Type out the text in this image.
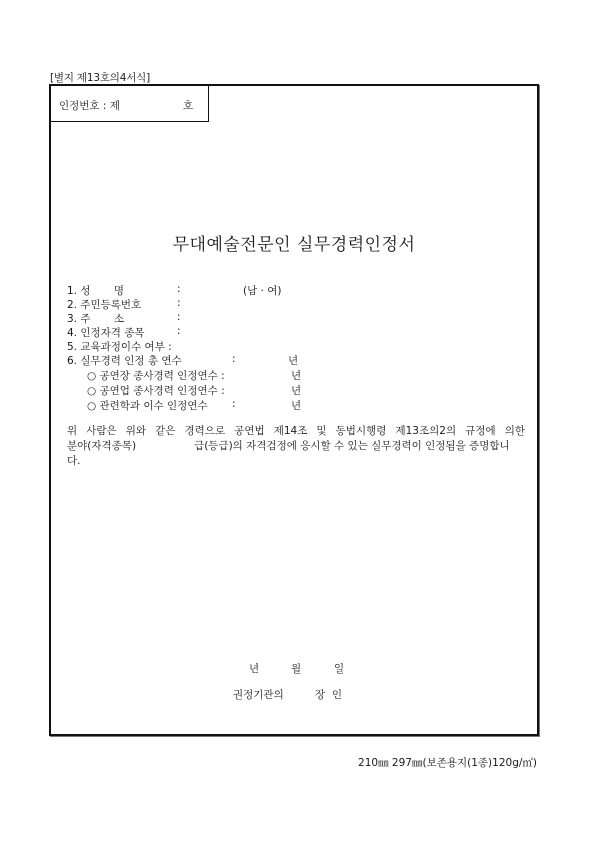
[별지 제13호의4서식]
인정번호 : 제	호
무대예술전문인 실무경력인정서
1. 성       명	:	(남 · 여)
2. 주민등록번호	:
3. 주       소	:
4. 인정자격 종목	:
5. 교육과정이수 여부 :
6. 실무경력 인정 총 연수	:	년
○ 공연장 종사경력 인정연수 :	년
○ 공연업 종사경력 인정연수 :	년
○ 관련학과 이수 인정연수 :	년
위 사람은 위와 같은 경력으로 공연법 제14조 및 동법시행령 제13조의2의 규정에 의한
분야(자격종목)	급(등급)의 자격검정에 응시할 수 있는 실무경력이 인정됨을 증명합니
다.
년	월	일
권정기관의	장  인
210㎜ 297㎜(보존용지(1종)120g/㎡)
